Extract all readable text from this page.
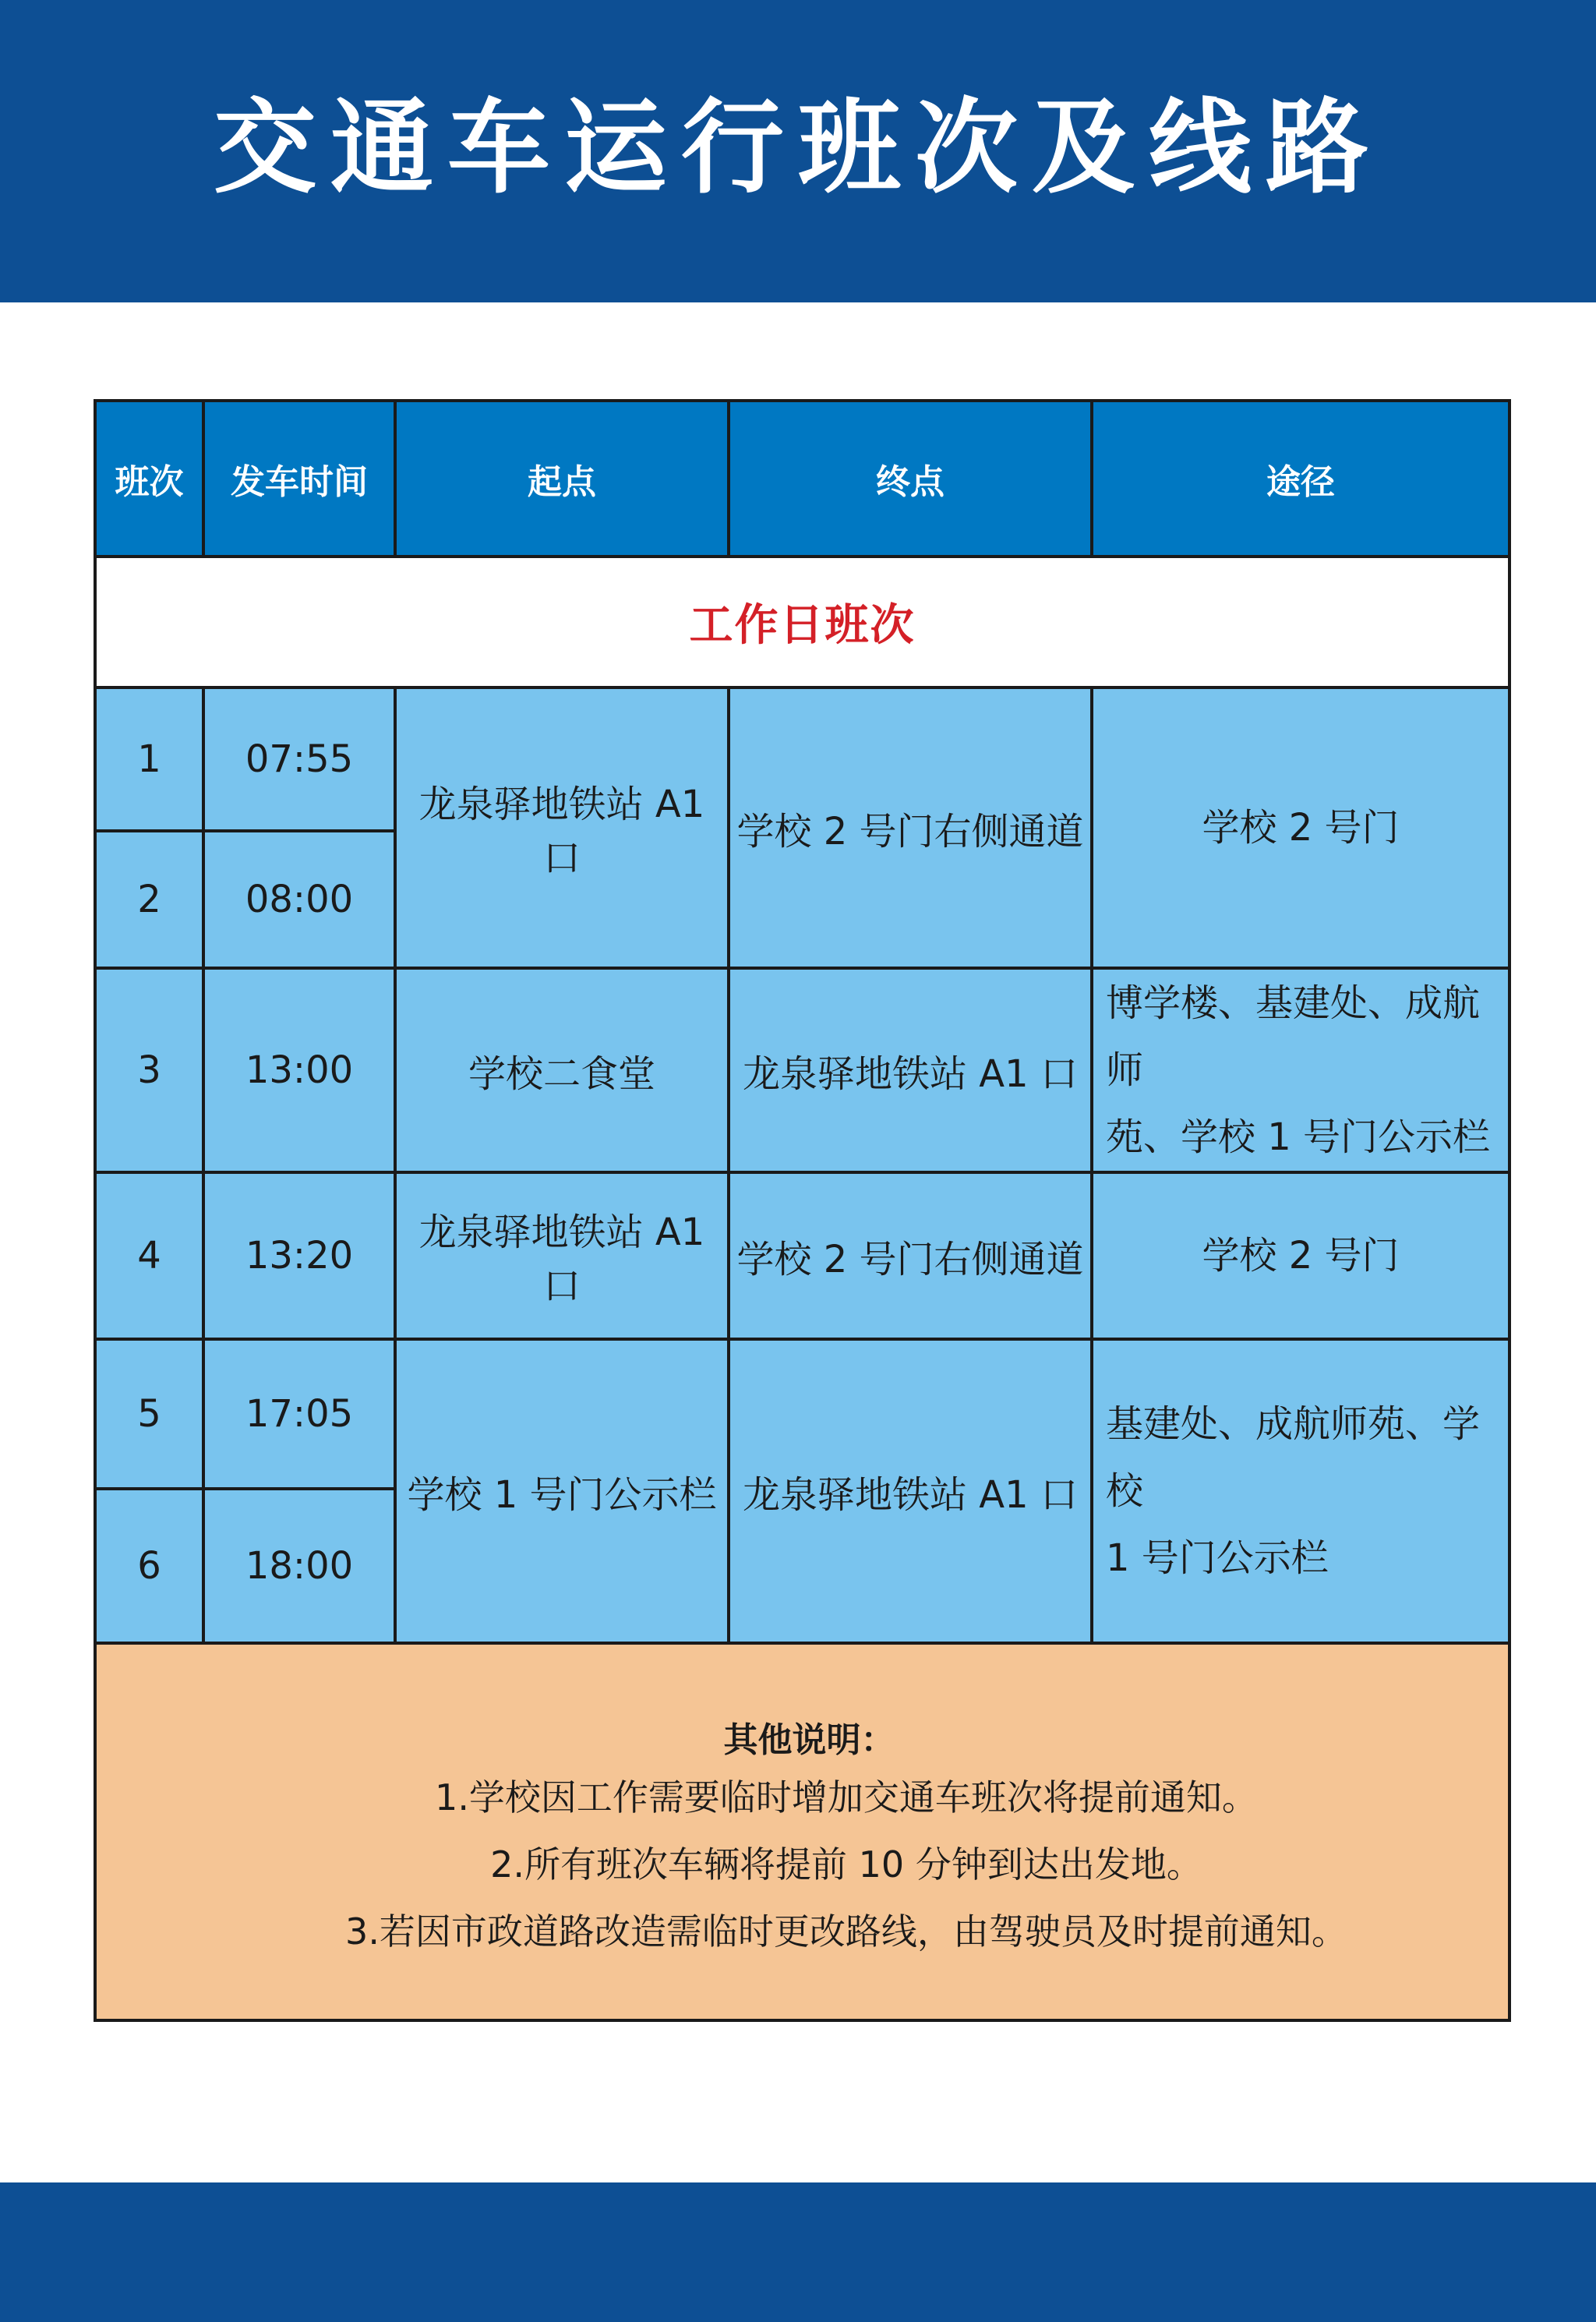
交通车运行班次及线路
班次	发车时间	起点	终点	途径
工作日班次				
1	07:55	龙泉驿地铁站 A1 口	学校 2 号门右侧通道	学校 2 号门
2	08:00			
3	13:00	学校二食堂	龙泉驿地铁站 A1 口	博学楼、基建处、成航师
苑、学校 1 号门公示栏

4	13:20	龙泉驿地铁站 A1 口	学校 2 号门右侧通道	学校 2 号门
5	17:05	学校 1 号门公示栏	龙泉驿地铁站 A1 口	基建处、成航师苑、学校
1 号门公示栏

6	18:00			

其他说明：
1.学校因工作需要临时增加交通车班次将提前通知。
2.所有班次车辆将提前 10 分钟到达出发地。
3.若因市政道路改造需临时更改路线，由驾驶员及时提前通知。				
